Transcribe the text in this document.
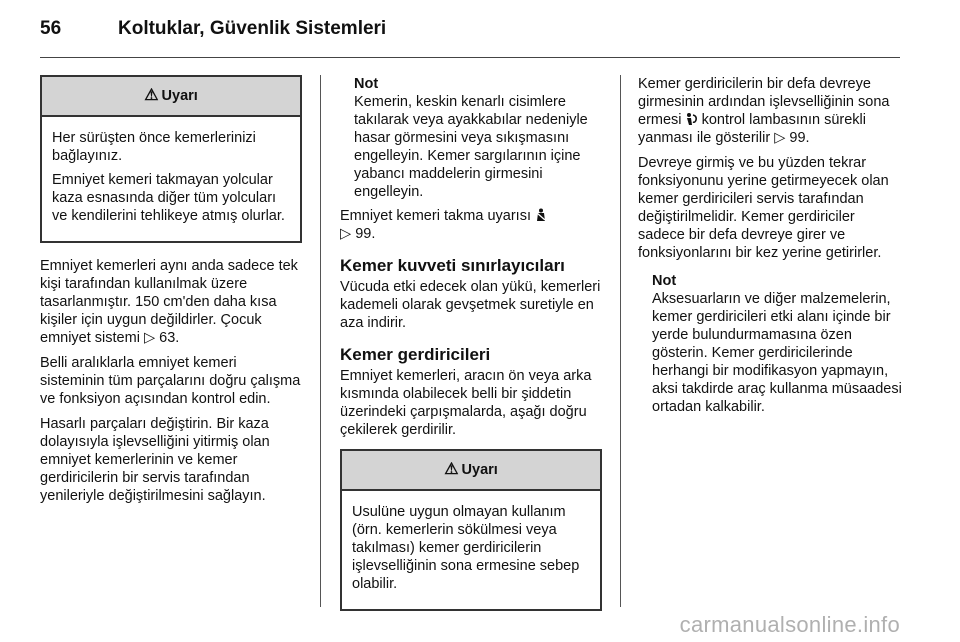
56	Koltuklar, Güvenlik Sistemleri
⚠ Uyarı

Her sürüşten önce kemerlerinizi bağlayınız.

Emniyet kemeri takmayan yolcular kaza esnasında diğer tüm yolcuları ve kendilerini tehlikeye atmış olurlar.

Emniyet kemerleri aynı anda sadece tek kişi tarafından kullanılmak üzere tasarlanmıştır. 150 cm'den daha kısa kişiler için uygun değildirler. Çocuk emniyet sistemi ▷ 63.

Belli aralıklarla emniyet kemeri sisteminin tüm parçalarını doğru çalışma ve fonksiyon açısından kontrol edin.

Hasarlı parçaları değiştirin. Bir kaza dolayısıyla işlevselliğini yitirmiş olan emniyet kemerlerinin ve kemer gerdiricilerin bir servis tarafından yenileriyle değiştirilmesini sağlayın.

Not
Kemerin, keskin kenarlı cisimlere takılarak veya ayakkabılar nedeniyle hasar görmesini veya sıkışmasını engelleyin. Kemer sargılarının içine yabancı maddelerin girmesini engelleyin.

Emniyet kemeri takma uyarısı
▷ 99.

Kemer kuvveti sınırlayıcıları

Vücuda etki edecek olan yükü, kemerleri kademeli olarak gevşetmek suretiyle en aza indirir.

Kemer gerdiricileri

Emniyet kemerleri, aracın ön veya arka kısmında olabilecek belli bir şiddetin üzerindeki çarpışmalarda, aşağı doğru çekilerek gerdirilir.

⚠ Uyarı

Usulüne uygun olmayan kullanım (örn. kemerlerin sökülmesi veya takılması) kemer gerdiricilerin işlevselliğinin sona ermesine sebep olabilir.

Kemer gerdiricilerin bir defa devreye girmesinin ardından işlevselliğinin sona ermesi kontrol lambasının sürekli yanması ile gösterilir ▷ 99.

Devreye girmiş ve bu yüzden tekrar fonksiyonunu yerine getirmeyecek olan kemer gerdiricileri servis tarafından değiştirilmelidir. Kemer gerdiriciler sadece bir defa devreye girer ve fonksiyonlarını bir kez yerine getirirler.

Not
Aksesuarların ve diğer malzemelerin, kemer gerdiricileri etki alanı içinde bir yerde bulundurmamasına özen gösterin. Kemer gerdiricilerinde herhangi bir modifikasyon yapmayın, aksi takdirde araç kullanma müsaadesi ortadan kalkabilir.
carmanualsonline.info
